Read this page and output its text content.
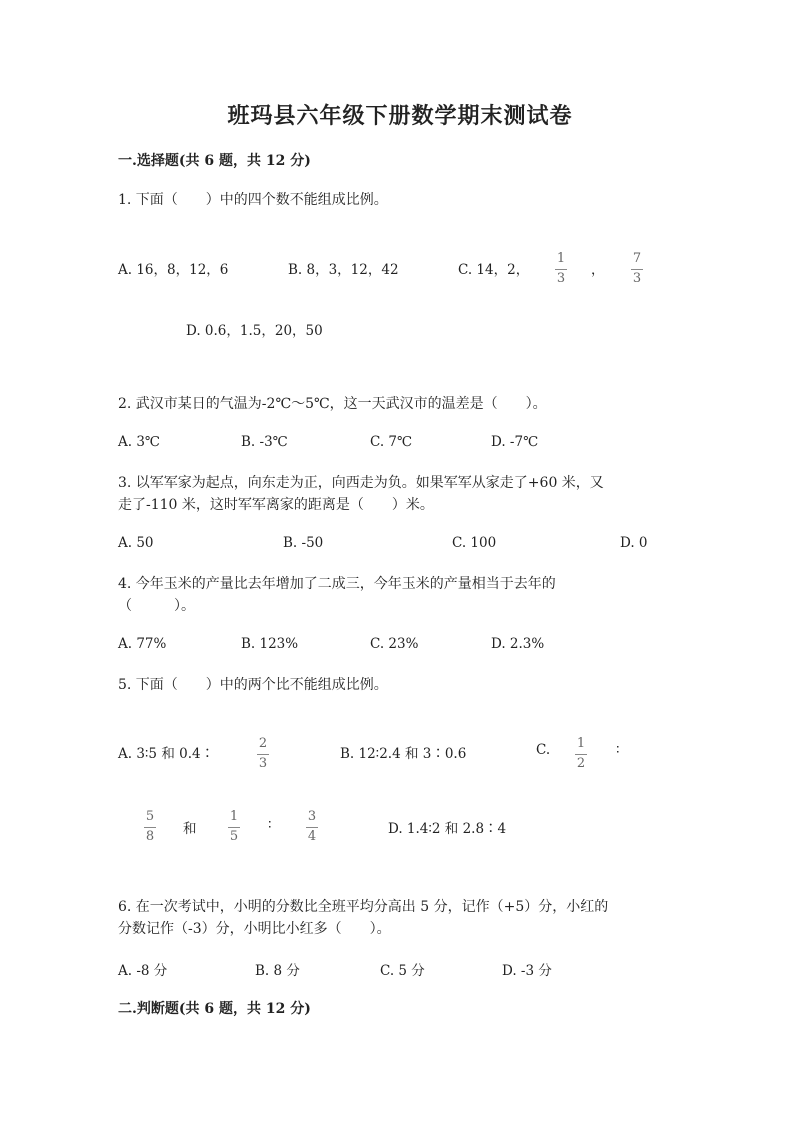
班玛县六年级下册数学期末测试卷
一.选择题(共 6 题，共 12 分)
1. 下面（　　）中的四个数不能组成比例。
A. 16，8，12，6	B. 8，3，12，42	C. 14，2，
1
3
，
7
3
D. 0.6，1.5，20，50
2. 武汉市某日的气温为-2℃～5℃，这一天武汉市的温差是（　　）。
A. 3℃	B. -3℃	C. 7℃	D. -7℃
3. 以军军家为起点，向东走为正，向西走为负。如果军军从家走了+60 米，又
走了-110 米，这时军军离家的距离是（　　）米。
A. 50	B. -50	C. 100	D. 0
4. 今年玉米的产量比去年增加了二成三，今年玉米的产量相当于去年的
（　　　）。
A. 77%	B. 123%	C. 23%	D. 2.3%
5. 下面（　　）中的两个比不能组成比例。
A. 3∶5 和 0.4∶
2
3
B. 12∶2.4 和 3∶0.6	C. 1
2
∶
5
8 和
1
5
∶
3
4	D. 1.4∶2 和 2.8∶4
6. 在一次考试中，小明的分数比全班平均分高出 5 分，记作（+5）分，小红的
分数记作（-3）分，小明比小红多（　　）。
A. -8 分	B. 8 分	C. 5 分	D. -3 分
二.判断题(共 6 题，共 12 分)
